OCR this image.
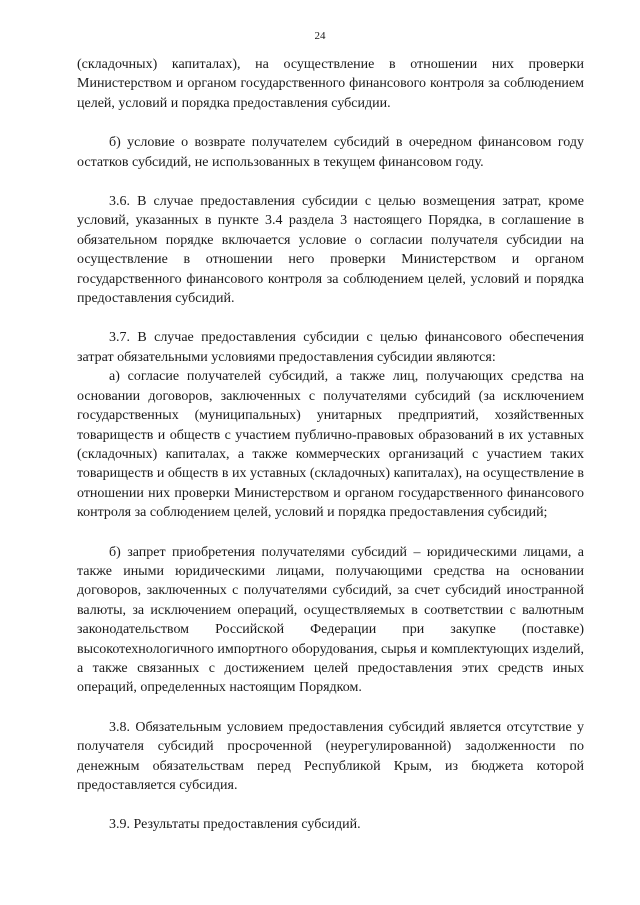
24

(складочных) капиталах), на осуществление в отношении них проверки Министерством и органом государственного финансового контроля за соблюдением целей, условий и порядка предоставления субсидии.

б) условие о возврате получателем субсидий в очередном финансовом году остатков субсидий, не использованных в текущем финансовом году.

3.6. В случае предоставления субсидии с целью возмещения затрат, кроме условий, указанных в пункте 3.4 раздела 3 настоящего Порядка, в соглашение в обязательном порядке включается условие о согласии получателя субсидии на осуществление в отношении него проверки Министерством и органом государственного финансового контроля за соблюдением целей, условий и порядка предоставления субсидий.

3.7. В случае предоставления субсидии с целью финансового обеспечения затрат обязательными условиями предоставления субсидии являются:

а) согласие получателей субсидий, а также лиц, получающих средства на основании договоров, заключенных с получателями субсидий (за исключением государственных (муниципальных) унитарных предприятий, хозяйственных товариществ и обществ с участием публично-правовых образований в их уставных (складочных) капиталах, а также коммерческих организаций с участием таких товариществ и обществ в их уставных (складочных) капиталах), на осуществление в отношении них проверки Министерством и органом государственного финансового контроля за соблюдением целей, условий и порядка предоставления субсидий;

б) запрет приобретения получателями субсидий – юридическими лицами, а также иными юридическими лицами, получающими средства на основании договоров, заключенных с получателями субсидий, за счет субсидий иностранной валюты, за исключением операций, осуществляемых в соответствии с валютным законодательством Российской Федерации при закупке (поставке) высокотехнологичного импортного оборудования, сырья и комплектующих изделий, а также связанных с достижением целей предоставления этих средств иных операций, определенных настоящим Порядком.

3.8. Обязательным условием предоставления субсидий является отсутствие у получателя субсидий просроченной (неурегулированной) задолженности по денежным обязательствам перед Республикой Крым, из бюджета которой предоставляется субсидия.

3.9. Результаты предоставления субсидий.
